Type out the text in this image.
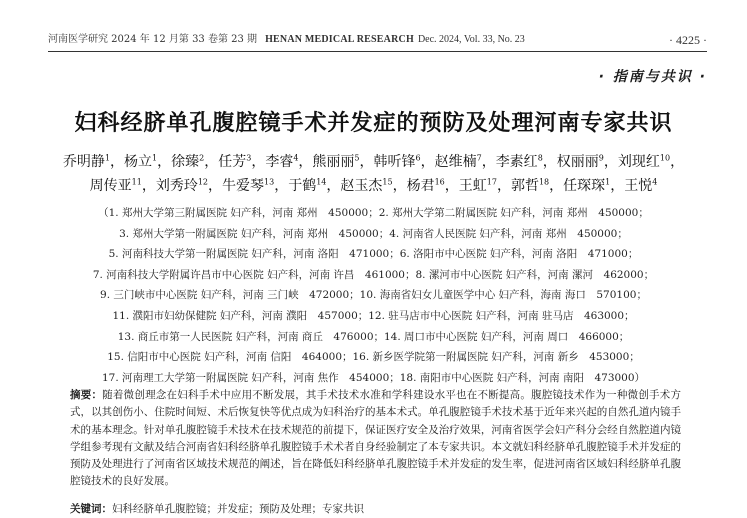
河南医学研究 2024 年 12 月第 33 卷第 23 期 HENAN MEDICAL RESEARCH Dec. 2024, Vol. 33, No. 23	· 4225 ·
· 指南与共识 ·
妇科经脐单孔腹腔镜手术并发症的预防及处理河南专家共识
乔明静$^1$，杨立$^1$，徐臻$^2$，任芳$^3$，李睿$^4$，熊丽丽$^5$，韩听锋$^6$，赵维楠$^7$，李素红$^8$，权丽丽$^9$，刘现红$^{10}$，
周传亚$^{11}$，刘秀玲$^{12}$，牛爱琴$^{13}$，于鹤$^{14}$，赵玉杰$^{15}$，杨君$^{16}$，王虹$^{17}$，郭哲$^{18}$，任琛琛$^1$，王悦$^4$
（1. 郑州大学第三附属医院 妇产科，河南 郑州　450000；2. 郑州大学第二附属医院 妇产科，河南 郑州　450000；
3. 郑州大学第一附属医院 妇产科，河南 郑州　450000；4. 河南省人民医院 妇产科，河南 郑州　450000；
5. 河南科技大学第一附属医院 妇产科，河南 洛阳　471000；6. 洛阳市中心医院 妇产科，河南 洛阳　471000；
7. 河南科技大学附属许昌市中心医院 妇产科，河南 许昌　461000；8. 漯河市中心医院 妇产科，河南 漯河　462000；
9. 三门峡市中心医院 妇产科，河南 三门峡　472000；10. 海南省妇女儿童医学中心 妇产科，海南 海口　570100；
11. 濮阳市妇幼保健院 妇产科，河南 濮阳　457000；12. 驻马店市中心医院 妇产科，河南 驻马店　463000；
13. 商丘市第一人民医院 妇产科，河南 商丘　476000；14. 周口市中心医院 妇产科，河南 周口　466000；
15. 信阳市中心医院 妇产科，河南 信阳　464000；16. 新乡医学院第一附属医院 妇产科，河南 新乡　453000；
17. 河南理工大学第一附属医院 妇产科，河南 焦作　454000；18. 南阳市中心医院 妇产科，河南 南阳　473000）
摘要：随着微创理念在妇科手术中应用不断发展，其手术技术水准和学科建设水平也在不断提高。腹腔镜技术作为一种微创手术方式，以其创伤小、住院时间短、术后恢复快等优点成为妇科治疗的基本术式。单孔腹腔镜手术技术基于近年来兴起的自然孔道内镜手术的基本理念。针对单孔腹腔镜手术技术在技术规范的前提下，保证医疗安全及治疗效果，河南省医学会妇产科分会经自然腔道内镜学组参考现有文献及结合河南省妇科经脐单孔腹腔镜手术术者自身经验制定了本专家共识。本文就妇科经脐单孔腹腔镜手术并发症的预防及处理进行了河南省区域技术规范的阐述，旨在降低妇科经脐单孔腹腔镜手术并发症的发生率，促进河南省区域妇科经脐单孔腹腔镜技术的良好发展。
关键词：妇科经脐单孔腹腔镜；并发症；预防及处理；专家共识
